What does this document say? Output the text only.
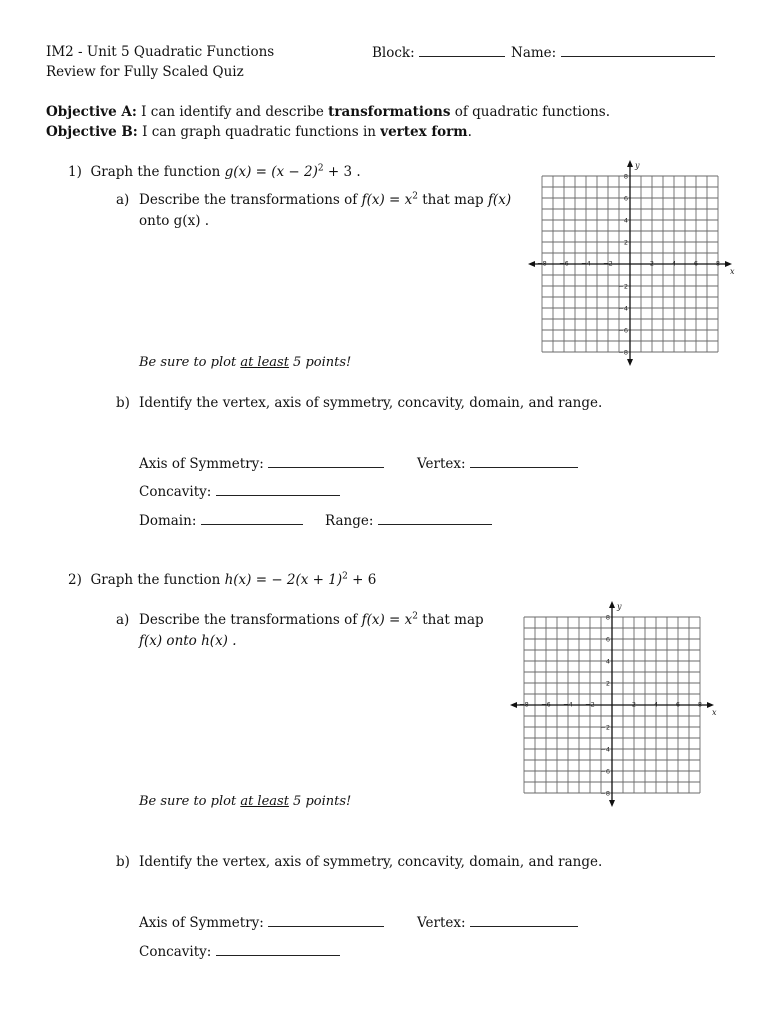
IM2 - Unit 5 Quadratic Functions
Review for Fully Scaled Quiz
Block:	Name:
Objective A: I can identify and describe transformations of quadratic functions.
Objective B: I can graph quadratic functions in vertex form.
1) Graph the function $g(x) = (x - 2)^2 + 3$ .
a) Describe the transformations of $f(x) = x^2$ that map f(x)
onto g(x) .
Be sure to plot at least 5 points!
b) Identify the vertex, axis of symmetry, concavity, domain, and range.
Axis of Symmetry:	Vertex:
Concavity:
Domain:	Range:
2) Graph the function h(x) = − $2(x + 1)^2 + 6$
a) Describe the transformations of $f(x) = x^2$ that map
f(x) onto h(x) .
Be sure to plot at least 5 points!
b) Identify the vertex, axis of symmetry, concavity, domain, and range.
Axis of Symmetry:	Vertex:
Concavity:
−8 −6 −4 −2	2	4	6	8
8
6
4
2
−2
−4
−6
−8
x
y
−8 −6 −4 −2	2	4	6	8
8
6
4
2
−2
−4
−6
−8
x
y
